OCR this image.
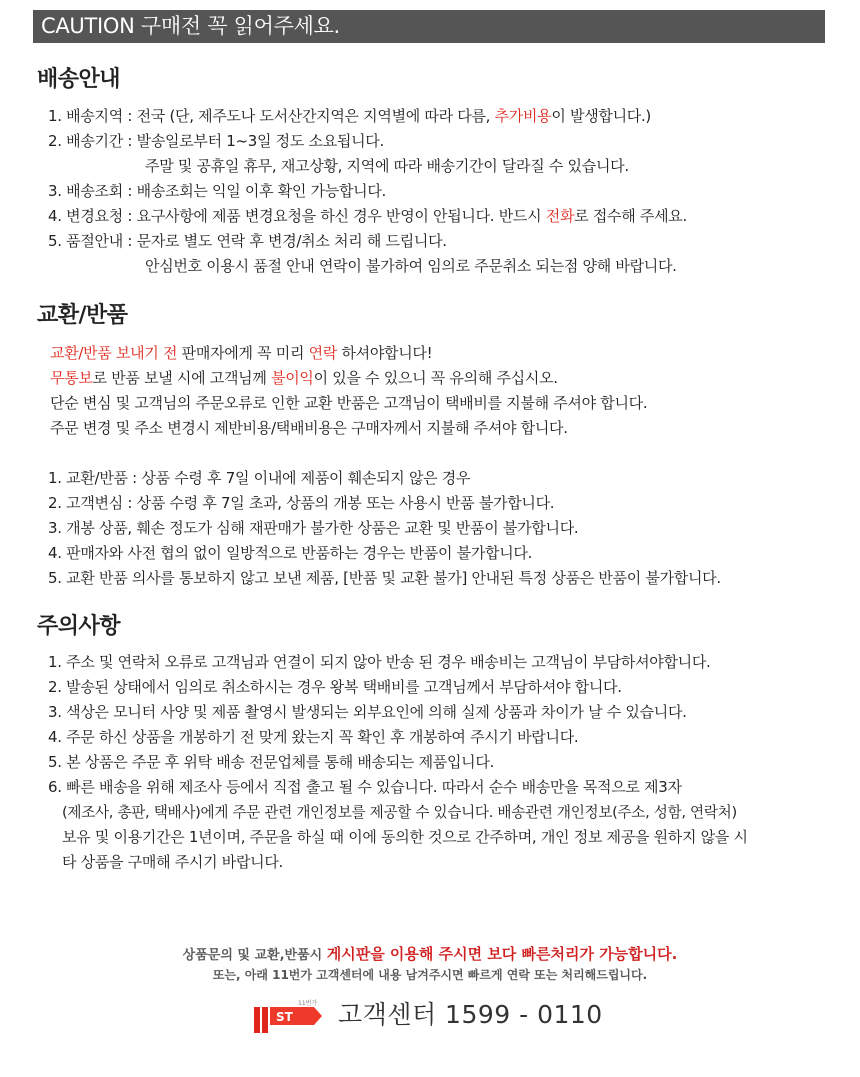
CAUTION 구매전 꼭 읽어주세요.
배송안내
1. 배송지역 : 전국 (단, 제주도나 도서산간지역은 지역별에 따라 다름, 추가비용이 발생합니다.)
2. 배송기간 : 발송일로부터 1~3일 정도 소요됩니다.
주말 및 공휴일 휴무, 재고상황, 지역에 따라 배송기간이 달라질 수 있습니다.
3. 배송조회 : 배송조회는 익일 이후 확인 가능합니다.
4. 변경요청 : 요구사항에 제품 변경요청을 하신 경우 반영이 안됩니다. 반드시 전화로 접수해 주세요.
5. 품절안내 : 문자로 별도 연락 후 변경/취소 처리 해 드립니다.
안심번호 이용시 품절 안내 연락이 불가하여 임의로 주문취소 되는점 양해 바랍니다.
교환/반품
교환/반품 보내기 전 판매자에게 꼭 미리 연락 하셔야합니다!
무통보로 반품 보낼 시에 고객님께 불이익이 있을 수 있으니 꼭 유의해 주십시오.
단순 변심 및 고객님의 주문오류로 인한 교환 반품은 고객님이 택배비를 지불해 주셔야 합니다.
주문 변경 및 주소 변경시 제반비용/택배비용은 구매자께서 지불해 주셔야 합니다.
1. 교환/반품 : 상품 수령 후 7일 이내에 제품이 훼손되지 않은 경우
2. 고객변심 : 상품 수령 후 7일 초과, 상품의 개봉 또는 사용시 반품 불가합니다.
3. 개봉 상품, 훼손 정도가 심해 재판매가 불가한 상품은 교환 및 반품이 불가합니다.
4. 판매자와 사전 협의 없이 일방적으로 반품하는 경우는 반품이 불가합니다.
5. 교환 반품 의사를 통보하지 않고 보낸 제품, [반품 및 교환 불가] 안내된 특정 상품은 반품이 불가합니다.
주의사항
1. 주소 및 연락처 오류로 고객님과 연결이 되지 않아 반송 된 경우 배송비는 고객님이 부담하셔야합니다.
2. 발송된 상태에서 임의로 취소하시는 경우 왕복 택배비를 고객님께서 부담하셔야 합니다.
3. 색상은 모니터 사양 및 제품 촬영시 발생되는 외부요인에 의해 실제 상품과 차이가 날 수 있습니다.
4. 주문 하신 상품을 개봉하기 전 맞게 왔는지 꼭 확인 후 개봉하여 주시기 바랍니다.
5. 본 상품은 주문 후 위탁 배송 전문업체를 통해 배송되는 제품입니다.
6. 빠른 배송을 위해 제조사 등에서 직접 출고 될 수 있습니다. 따라서 순수 배송만을 목적으로 제3자
(제조사, 총판, 택배사)에게 주문 관련 개인정보를 제공할 수 있습니다. 배송관련 개인정보(주소, 성함, 연락처)
보유 및 이용기간은 1년이며, 주문을 하실 때 이에 동의한 것으로 간주하며, 개인 정보 제공을 원하지 않을 시
타 상품을 구매해 주시기 바랍니다.
상품문의 및 교환,반품시 게시판을 이용해 주시면 보다 빠른처리가 가능합니다.
또는, 아래 11번가 고객센터에 내용 남겨주시면 빠르게 연락 또는 처리해드립니다.
ST
11번가 고객센터 1599 - 0110
